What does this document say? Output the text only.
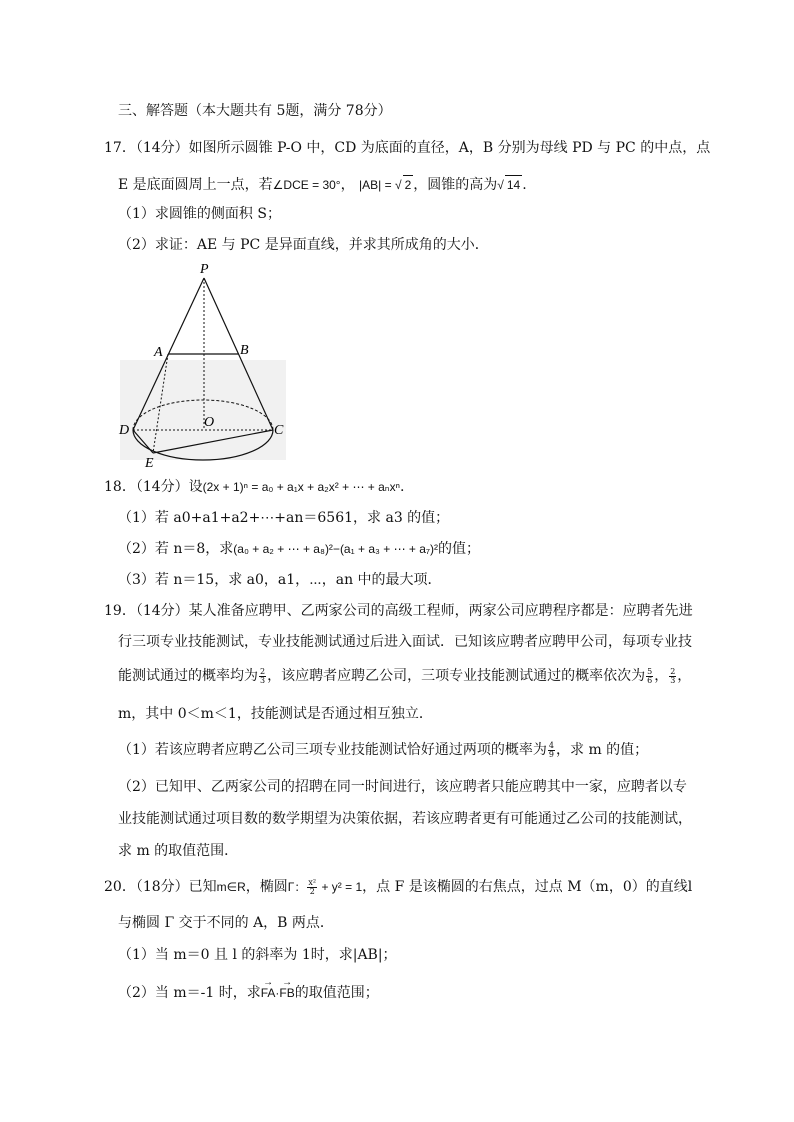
三、解答题（本大题共有 5题，满分 78分）
17．（14分）如图所示圆锥 P-O 中，CD 为底面的直径，A，B 分别为母线 PD 与 PC 的中点，点
E 是底面圆周上一点，若∠DCE = 30°， |AB| = √ 2 ，圆锥的高为√ 14 .
（1）求圆锥的侧面积 S；
（2）求证：AE 与 PC 是异面直线，并求其所成角的大小．
P
A	B
D
O
C
E
18．（14分）设(2x + 1)ⁿ = a₀ + a₁x + a₂x² + ⋯ + aₙxⁿ.
（1）若 a0+a1+a2+⋯+an＝6561，求 a3 的值；
（2）若 n＝8，求(a₀ + a₂ + ⋯ + a₈)²−(a₁ + a₃ + ⋯ + a₇)²的值；
（3）若 n＝15，求 a0，a1，⋯，an 中的最大项．
19．（14分）某人准备应聘甲、乙两家公司的高级工程师，两家公司应聘程序都是：应聘者先进
行三项专业技能测试，专业技能测试通过后进入面试．已知该应聘者应聘甲公司，每项专业技
能测试通过的概率均为 $\frac{2}{3}$ ，该应聘者应聘乙公司，三项专业技能测试通过的概率依次为 $\frac{5}{6}$ ， $\frac{2}{3}$ ，
m，其中 0＜m＜1，技能测试是否通过相互独立．
（1）若该应聘者应聘乙公司三项专业技能测试恰好通过两项的概率为 $\frac{4}{9}$ ，求 m 的值；
（2）已知甲、乙两家公司的招聘在同一时间进行，该应聘者只能应聘其中一家，应聘者以专
业技能测试通过项目数的数学期望为决策依据，若该应聘者更有可能通过乙公司的技能测试，
求 m 的取值范围．
20．（18分）已知m∈R，椭圆Γ： $\frac{\text{x²}}{2} + y^2 = 1$，点 F 是该椭圆的右焦点，过点 M（m，0）的直线l
与椭圆 Γ 交于不同的 A，B 两点．
（1）当 m＝0 且 l 的斜率为 1时，求|AB|；
（2）当 m＝-1 时，求→ FA·→ FB的取值范围；
